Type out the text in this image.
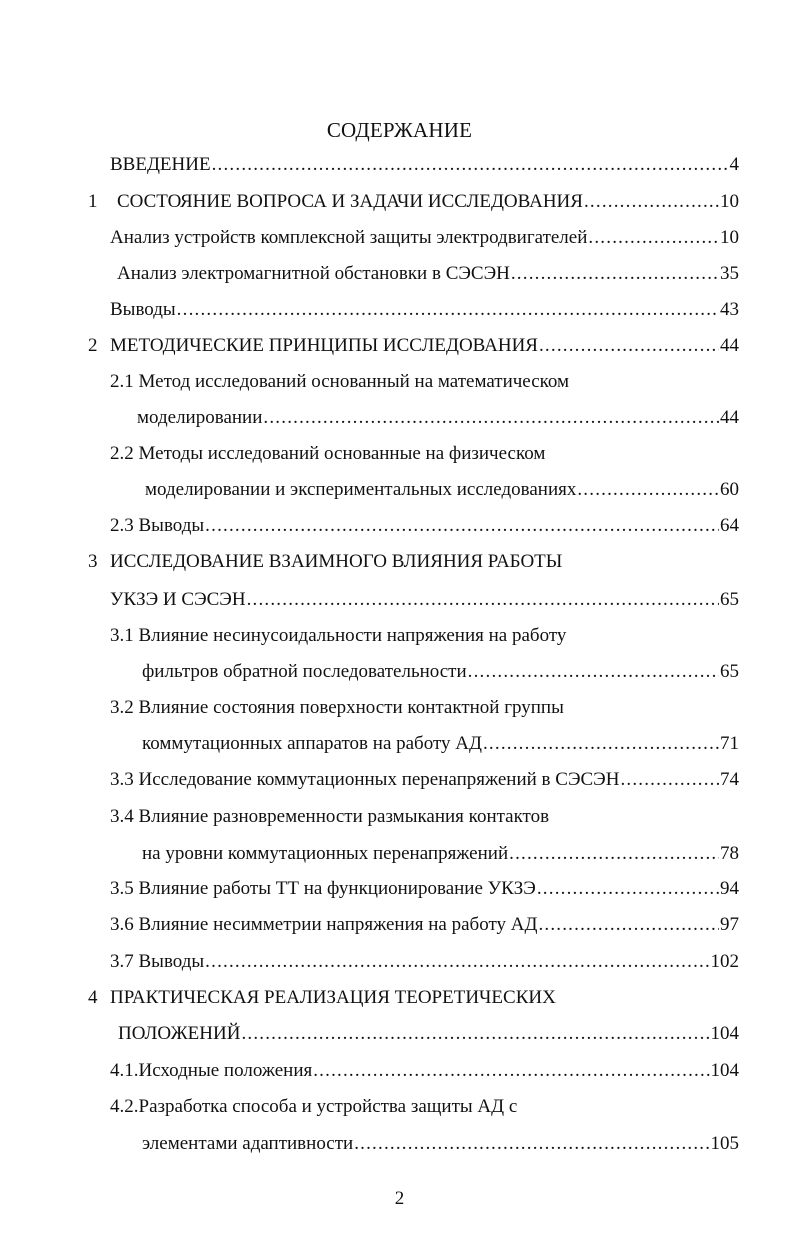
СОДЕРЖАНИЕ
ВВЕДЕНИЕ .....	4
1 СОСТОЯНИЕ ВОПРОСА И ЗАДАЧИ ИССЛЕДОВАНИЯ .....	10
Анализ устройств комплексной защиты электродвигателей .....	10
Анализ электромагнитной обстановки в СЭСЭН .....	35
Выводы .....	43
2 МЕТОДИЧЕСКИЕ ПРИНЦИПЫ ИССЛЕДОВАНИЯ .....	44
2.1 Метод исследований основанный на математическом
моделировании .....	44
2.2 Методы исследований основанные на физическом
моделировании и экспериментальных исследованиях .....	60
2.3 Выводы .....	64
3 ИССЛЕДОВАНИЕ ВЗАИМНОГО ВЛИЯНИЯ РАБОТЫ
УКЗЭ И СЭСЭН .....	65
3.1 Влияние несинусоидальности напряжения на работу
фильтров обратной последовательности .....	65
3.2 Влияние состояния поверхности контактной группы
коммутационных аппаратов на работу АД .....	71
3.3 Исследование коммутационных перенапряжений в СЭСЭН .....	74
3.4 Влияние разновременности размыкания контактов
на уровни коммутационных перенапряжений .....	78
3.5 Влияние работы ТТ на функционирование УКЗЭ .....	94
3.6 Влияние несимметрии напряжения на работу АД .....	97
3.7 Выводы .....	102
4 ПРАКТИЧЕСКАЯ РЕАЛИЗАЦИЯ ТЕОРЕТИЧЕСКИХ
ПОЛОЖЕНИЙ .....	104
4.1.Исходные положения .....	104
4.2.Разработка способа и устройства защиты АД с
элементами адаптивности .....	105
2
